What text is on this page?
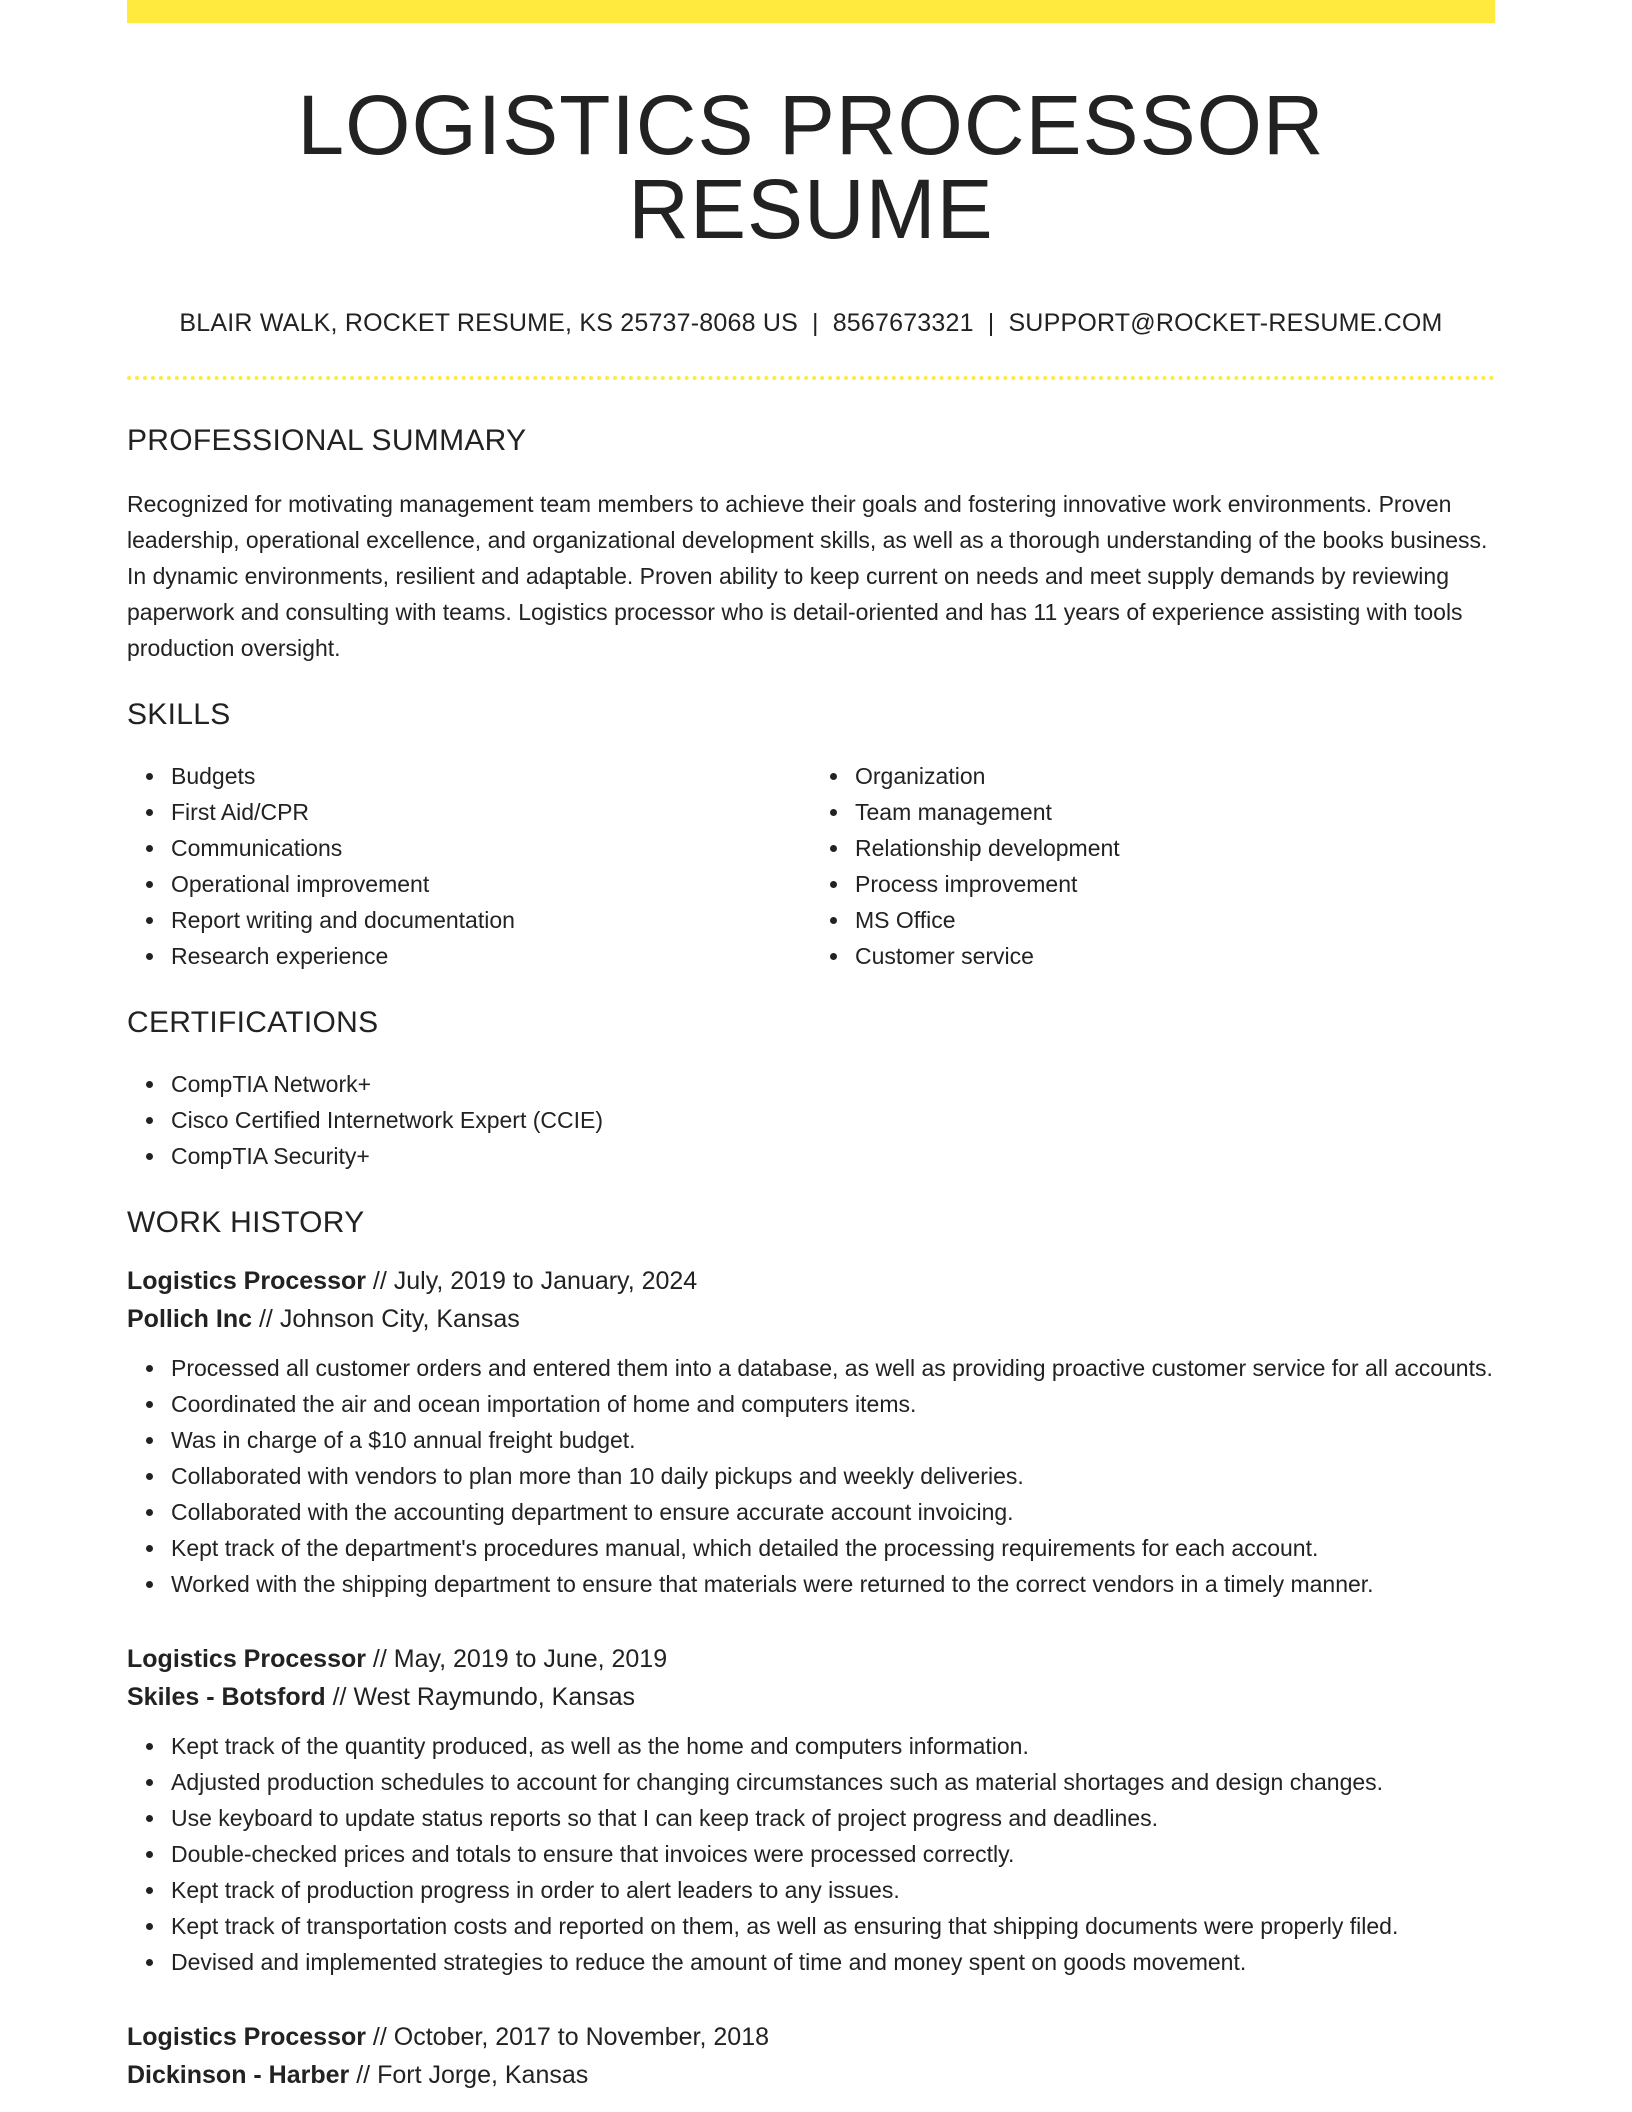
LOGISTICS PROCESSOR RESUME
BLAIR WALK, ROCKET RESUME, KS 25737-8068 US | 8567673321 | SUPPORT@ROCKET-RESUME.COM
PROFESSIONAL SUMMARY

Recognized for motivating management team members to achieve their goals and fostering innovative work environments. Proven leadership, operational excellence, and organizational development skills, as well as a thorough understanding of the books business. In dynamic environments, resilient and adaptable. Proven ability to keep current on needs and meet supply demands by reviewing paperwork and consulting with teams. Logistics processor who is detail-oriented and has 11 years of experience assisting with tools production oversight.

SKILLS
Budgets
First Aid/CPR
Communications
Operational improvement
Report writing and documentation
Research experience
Organization
Team management
Relationship development
Process improvement
MS Office
Customer service
CERTIFICATIONS
CompTIA Network+
Cisco Certified Internetwork Expert (CCIE)
CompTIA Security+
WORK HISTORY
Logistics Processor // July, 2019 to January, 2024
Pollich Inc // Johnson City, Kansas
Processed all customer orders and entered them into a database, as well as providing proactive customer service for all accounts.
Coordinated the air and ocean importation of home and computers items.
Was in charge of a $10 annual freight budget.
Collaborated with vendors to plan more than 10 daily pickups and weekly deliveries.
Collaborated with the accounting department to ensure accurate account invoicing.
Kept track of the department's procedures manual, which detailed the processing requirements for each account.
Worked with the shipping department to ensure that materials were returned to the correct vendors in a timely manner.
Logistics Processor // May, 2019 to June, 2019
Skiles - Botsford // West Raymundo, Kansas
Kept track of the quantity produced, as well as the home and computers information.
Adjusted production schedules to account for changing circumstances such as material shortages and design changes.
Use keyboard to update status reports so that I can keep track of project progress and deadlines.
Double-checked prices and totals to ensure that invoices were processed correctly.
Kept track of production progress in order to alert leaders to any issues.
Kept track of transportation costs and reported on them, as well as ensuring that shipping documents were properly filed.
Devised and implemented strategies to reduce the amount of time and money spent on goods movement.
Logistics Processor // October, 2017 to November, 2018
Dickinson - Harber // Fort Jorge, Kansas
